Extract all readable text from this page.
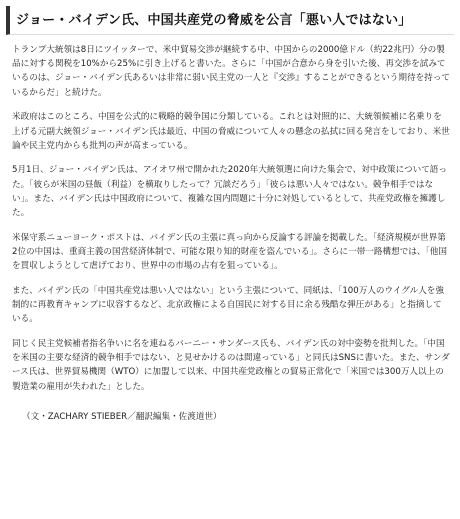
ジョー・バイデン氏、中国共産党の脅威を公言「悪い人ではない」

トランプ大統領は8日にツイッターで、米中貿易交渉が継続する中、中国からの2000億ドル（約22兆円）分の製品に対する関税を10%から25%に引き上げると書いた。さらに「中国が合意から身を引いた後、再交渉を試みているのは、ジョー・バイデン氏あるいは非常に弱い民主党の一人と『交渉』することができるという期待を持っているからだ」と続けた。

米政府はこのところ、中国を公式的に戦略的競争国に分類している。これとは対照的に、大統領候補に名乗りを上げる元副大統領ジョー・バイデン氏は最近、中国の脅威について人々の懸念の払拭に回る発言をしており、米世論や民主党内からも批判の声が高まっている。

5月1日、ジョー・バイデン氏は、アイオワ州で開かれた2020年大統領選に向けた集会で、対中政策について語った。「彼らが米国の昼飯（利益）を横取りしたって？冗談だろう」「彼らは悪い人々ではない。競争相手ではない」。また、バイデン氏は中国政府について、複雑な国内問題に十分に対処しているとして、共産党政権を擁護した。

米保守系ニューヨーク・ポストは、バイデン氏の主張に真っ向から反論する評論を掲載した。「経済規模が世界第2位の中国は、重商主義の国営経済体制で、可能な限り知的財産を盗んでいる」。さらに一帯一路構想では、「他国を買収しようとして虐げており、世界中の市場の占有を狙っている」。

また、バイデン氏の「中国共産党は悪い人ではない」という主張について、同紙は、「100万人のウイグル人を強制的に再教育キャンプに収容するなど、北京政権による自国民に対する目に余る残酷な弾圧がある」と指摘している。

同じく民主党候補者指名争いに名を連ねるバーニー・サンダース氏も、バイデン氏の対中姿勢を批判した。「中国を米国の主要な経済的競争相手ではない、と見せかけるのは間違っている」と同氏はSNSに書いた。また、サンダース氏は、世界貿易機関（WTO）に加盟して以来、中国共産党政権との貿易正常化で「米国では300万人以上の製造業の雇用が失われた」とした。

（文・ZACHARY STIEBER／翻訳編集・佐渡道世）
